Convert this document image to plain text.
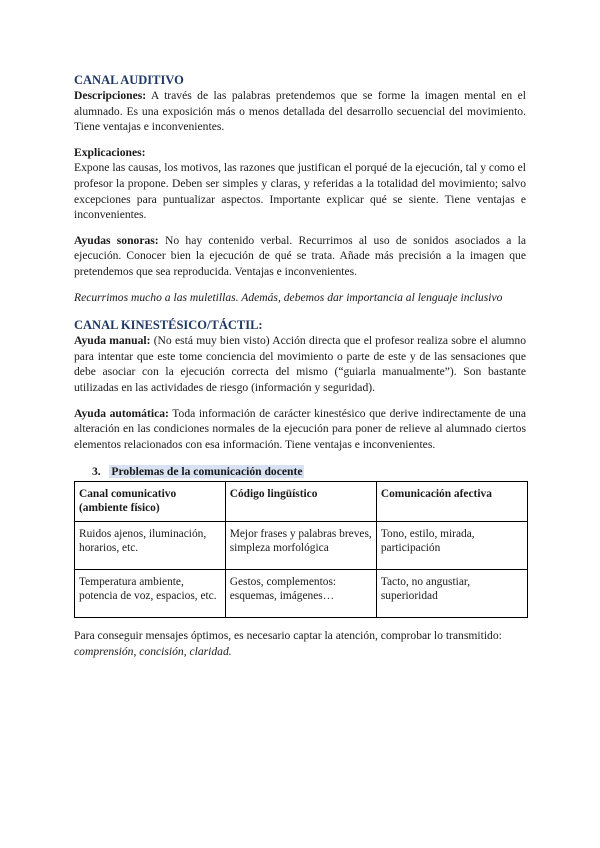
CANAL AUDITIVO

Descripciones: A través de las palabras pretendemos que se forme la imagen mental en el alumnado. Es una exposición más o menos detallada del desarrollo secuencial del movimiento. Tiene ventajas e inconvenientes.

Explicaciones:

Expone las causas, los motivos, las razones que justifican el porqué de la ejecución, tal y como el profesor la propone. Deben ser simples y claras, y referidas a la totalidad del movimiento; salvo excepciones para puntualizar aspectos. Importante explicar qué se siente. Tiene ventajas e inconvenientes.

Ayudas sonoras: No hay contenido verbal. Recurrimos al uso de sonidos asociados a la ejecución. Conocer bien la ejecución de qué se trata. Añade más precisión a la imagen que pretendemos que sea reproducida. Ventajas e inconvenientes.

Recurrimos mucho a las muletillas. Además, debemos dar importancia al lenguaje inclusivo

CANAL KINESTÉSICO/TÁCTIL:

Ayuda manual: (No está muy bien visto) Acción directa que el profesor realiza sobre el alumno para intentar que este tome conciencia del movimiento o parte de este y de las sensaciones que debe asociar con la ejecución correcta del mismo (“guiarla manualmente”). Son bastante utilizadas en las actividades de riesgo (información y seguridad).

Ayuda automática: Toda información de carácter kinestésico que derive indirectamente de una alteración en las condiciones normales de la ejecución para poner de relieve al alumnado ciertos elementos relacionados con esa información. Tiene ventajas e inconvenientes.

3. Problemas de la comunicación docente

Canal comunicativo (ambiente físico)	Código lingüístico	Comunicación afectiva
Ruidos ajenos, iluminación, horarios, etc.	Mejor frases y palabras breves, simpleza morfológica	Tono, estilo, mirada, participación
Temperatura ambiente, potencia de voz, espacios, etc.	Gestos, complementos: esquemas, imágenes…	Tacto, no angustiar, superioridad

Para conseguir mensajes óptimos, es necesario captar la atención, comprobar lo transmitido: comprensión, concisión, claridad.
